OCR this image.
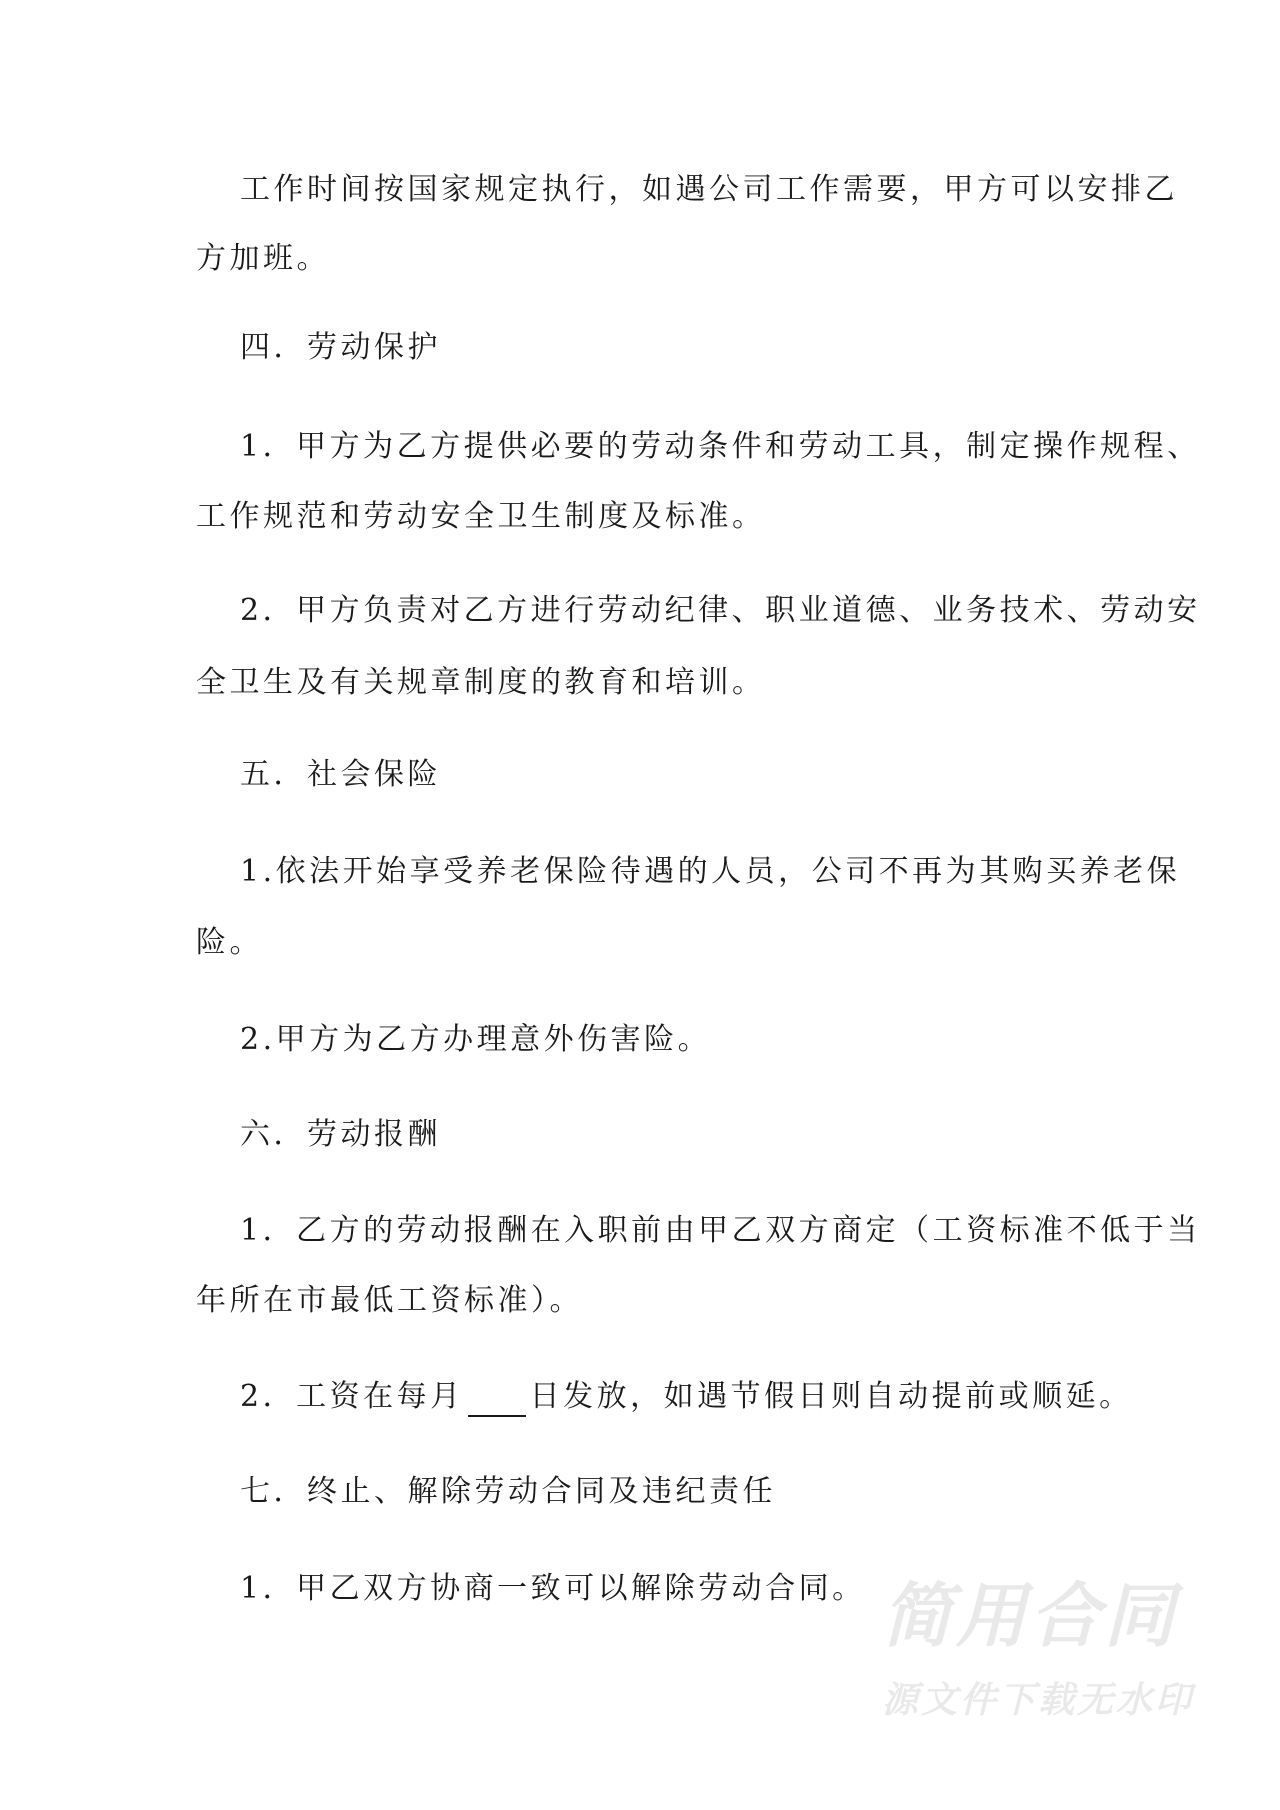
工作时间按国家规定执行，如遇公司工作需要，甲方可以安排乙
方加班。
四．劳动保护
1．甲方为乙方提供必要的劳动条件和劳动工具，制定操作规程、
工作规范和劳动安全卫生制度及标准。
2．甲方负责对乙方进行劳动纪律、职业道德、业务技术、劳动安
全卫生及有关规章制度的教育和培训。
五．社会保险
1.依法开始享受养老保险待遇的人员，公司不再为其购买养老保
险。
2.甲方为乙方办理意外伤害险。
六．劳动报酬
1．乙方的劳动报酬在入职前由甲乙双方商定（工资标准不低于当
年所在市最低工资标准）。
2．工资在每月 日发放，如遇节假日则自动提前或顺延。
七．终止、解除劳动合同及违纪责任
1．甲乙双方协商一致可以解除劳动合同。 简用合同
源文件下载无水印
